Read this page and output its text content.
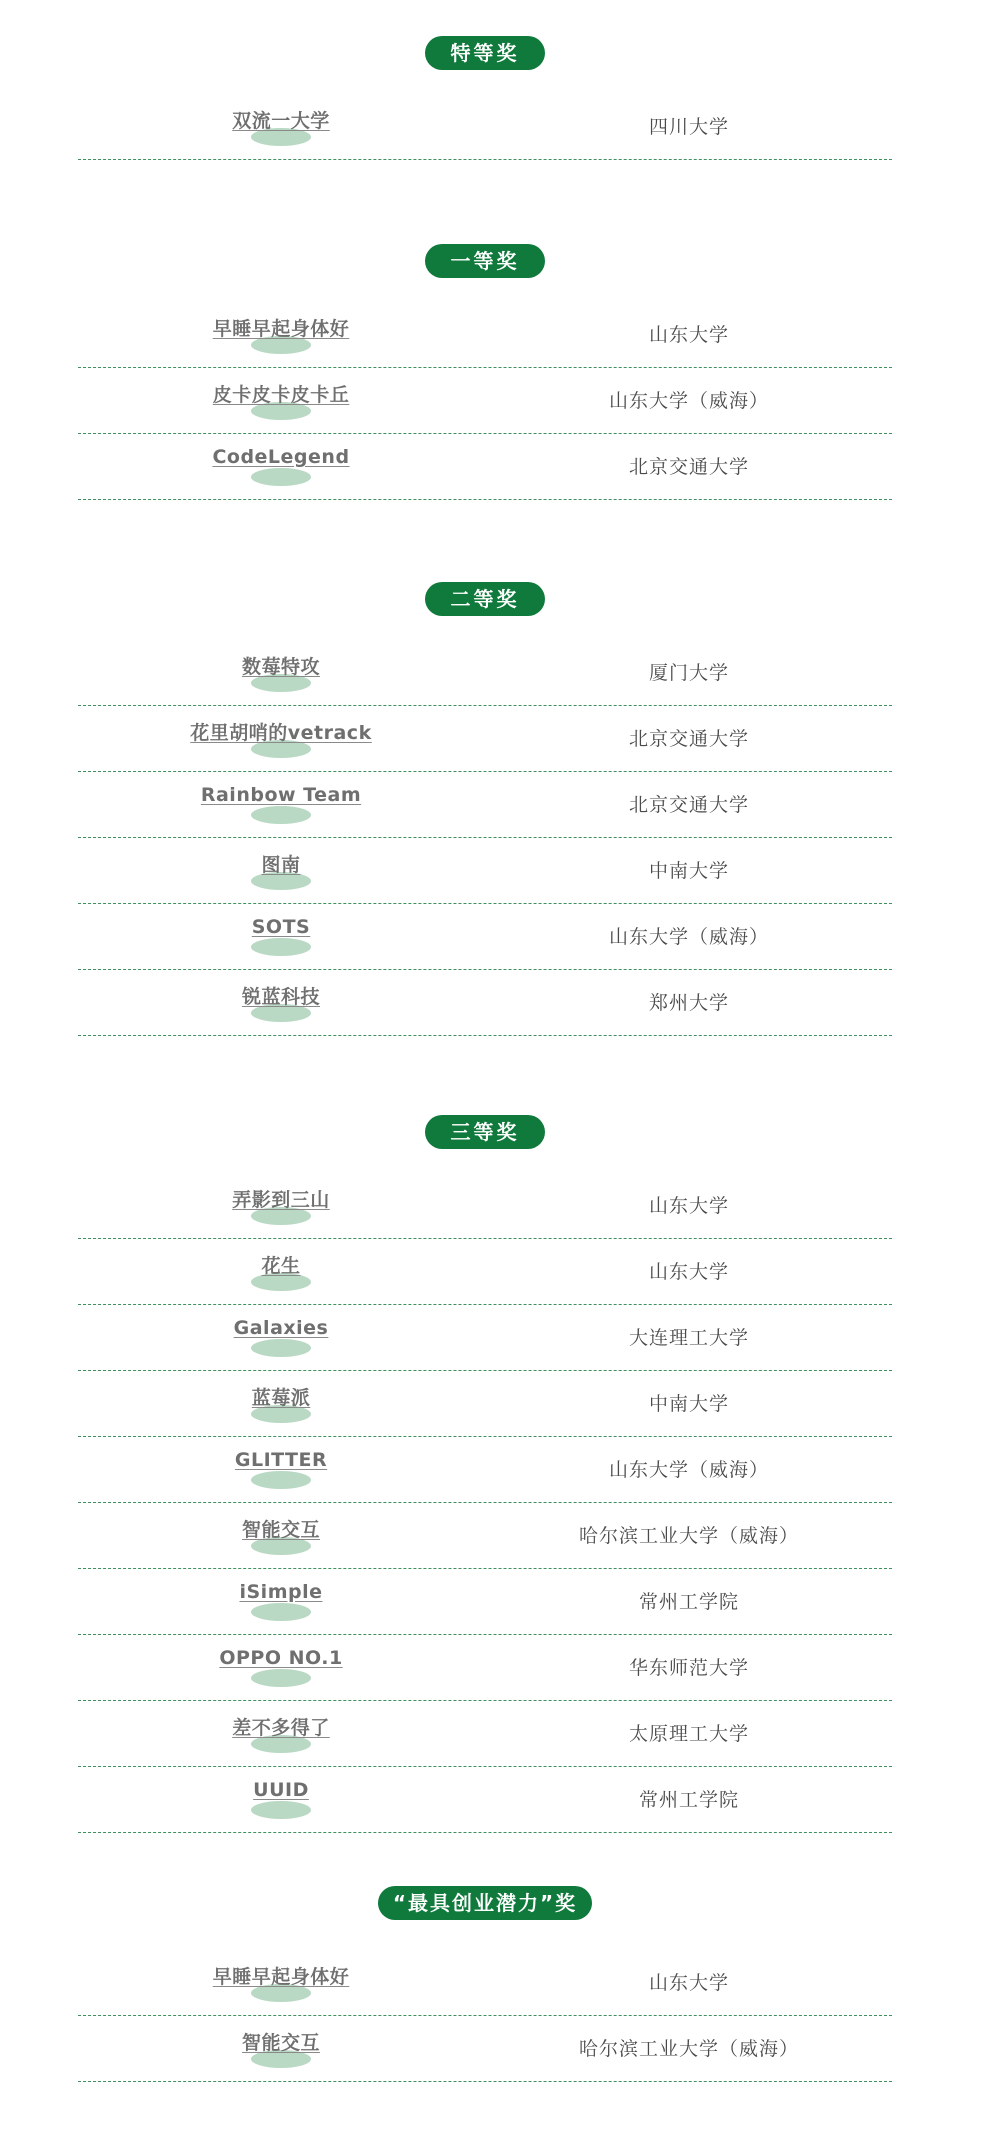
特等奖
双流一大学	四川大学
一等奖
早睡早起身体好	山东大学
皮卡皮卡皮卡丘	山东大学（威海）
CodeLegend	北京交通大学
二等奖
数莓特攻	厦门大学
花里胡哨的vetrack	北京交通大学
Rainbow Team	北京交通大学
图南	中南大学
SOTS	山东大学（威海）
锐蓝科技	郑州大学
三等奖
弄影到三山	山东大学
花生	山东大学
Galaxies	大连理工大学
蓝莓派	中南大学
GLITTER	山东大学（威海）
智能交互	哈尔滨工业大学（威海）
iSimple	常州工学院
OPPO NO.1	华东师范大学
差不多得了	太原理工大学
UUID	常州工学院
“最具创业潜力”奖
早睡早起身体好	山东大学
智能交互	哈尔滨工业大学（威海）
